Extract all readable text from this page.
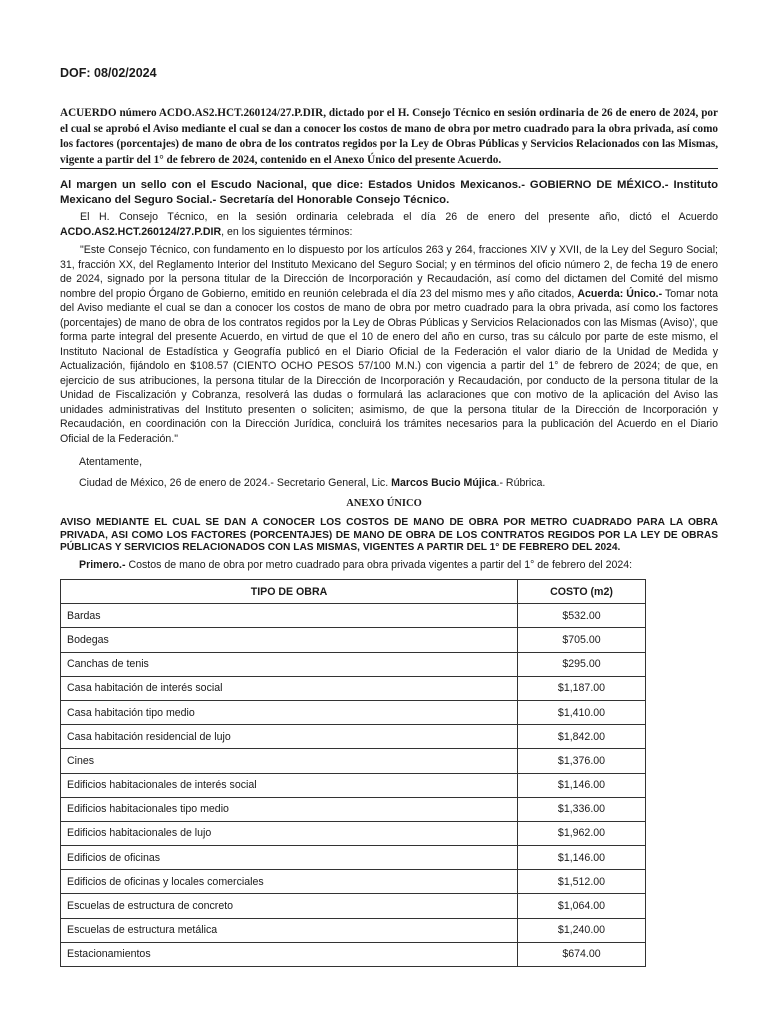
DOF: 08/02/2024
ACUERDO número ACDO.AS2.HCT.260124/27.P.DIR, dictado por el H. Consejo Técnico en sesión ordinaria de 26 de enero de 2024, por el cual se aprobó el Aviso mediante el cual se dan a conocer los costos de mano de obra por metro cuadrado para la obra privada, así como los factores (porcentajes) de mano de obra de los contratos regidos por la Ley de Obras Públicas y Servicios Relacionados con las Mismas, vigente a partir del 1° de febrero de 2024, contenido en el Anexo Único del presente Acuerdo.
Al margen un sello con el Escudo Nacional, que dice: Estados Unidos Mexicanos.- GOBIERNO DE MÉXICO.- Instituto Mexicano del Seguro Social.- Secretaría del Honorable Consejo Técnico.
El H. Consejo Técnico, en la sesión ordinaria celebrada el día 26 de enero del presente año, dictó el Acuerdo ACDO.AS2.HCT.260124/27.P.DIR, en los siguientes términos:
"Este Consejo Técnico, con fundamento en lo dispuesto por los artículos 263 y 264, fracciones XIV y XVII, de la Ley del Seguro Social; 31, fracción XX, del Reglamento Interior del Instituto Mexicano del Seguro Social; y en términos del oficio número 2, de fecha 19 de enero de 2024, signado por la persona titular de la Dirección de Incorporación y Recaudación, así como del dictamen del Comité del mismo nombre del propio Órgano de Gobierno, emitido en reunión celebrada el día 23 del mismo mes y año citados, Acuerda: Único.- Tomar nota del Aviso mediante el cual se dan a conocer los costos de mano de obra por metro cuadrado para la obra privada, así como los factores (porcentajes) de mano de obra de los contratos regidos por la Ley de Obras Públicas y Servicios Relacionados con las Mismas (Aviso)', que forma parte integral del presente Acuerdo, en virtud de que el 10 de enero del año en curso, tras su cálculo por parte de este mismo, el Instituto Nacional de Estadística y Geografía publicó en el Diario Oficial de la Federación el valor diario de la Unidad de Medida y Actualización, fijándolo en $108.57 (CIENTO OCHO PESOS 57/100 M.N.) con vigencia a partir del 1° de febrero de 2024; de que, en ejercicio de sus atribuciones, la persona titular de la Dirección de Incorporación y Recaudación, por conducto de la persona titular de la Unidad de Fiscalización y Cobranza, resolverá las dudas o formulará las aclaraciones que con motivo de la aplicación del Aviso las unidades administrativas del Instituto presenten o soliciten; asimismo, de que la persona titular de la Dirección de Incorporación y Recaudación, en coordinación con la Dirección Jurídica, concluirá los trámites necesarios para la publicación del Acuerdo en el Diario Oficial de la Federación."
Atentamente,
Ciudad de México, 26 de enero de 2024.- Secretario General, Lic. Marcos Bucio Mújica.- Rúbrica.
ANEXO ÚNICO
AVISO MEDIANTE EL CUAL SE DAN A CONOCER LOS COSTOS DE MANO DE OBRA POR METRO CUADRADO PARA LA OBRA PRIVADA, ASI COMO LOS FACTORES (PORCENTAJES) DE MANO DE OBRA DE LOS CONTRATOS REGIDOS POR LA LEY DE OBRAS PÚBLICAS Y SERVICIOS RELACIONADOS CON LAS MISMAS, VIGENTES A PARTIR DEL 1° DE FEBRERO DEL 2024.
Primero.- Costos de mano de obra por metro cuadrado para obra privada vigentes a partir del 1° de febrero del 2024:
TIPO DE OBRA	COSTO (m2)
Bardas	$532.00
Bodegas	$705.00
Canchas de tenis	$295.00
Casa habitación de interés social	$1,187.00
Casa habitación tipo medio	$1,410.00
Casa habitación residencial de lujo	$1,842.00
Cines	$1,376.00
Edificios habitacionales de interés social	$1,146.00
Edificios habitacionales tipo medio	$1,336.00
Edificios habitacionales de lujo	$1,962.00
Edificios de oficinas	$1,146.00
Edificios de oficinas y locales comerciales	$1,512.00
Escuelas de estructura de concreto	$1,064.00
Escuelas de estructura metálica	$1,240.00
Estacionamientos	$674.00
